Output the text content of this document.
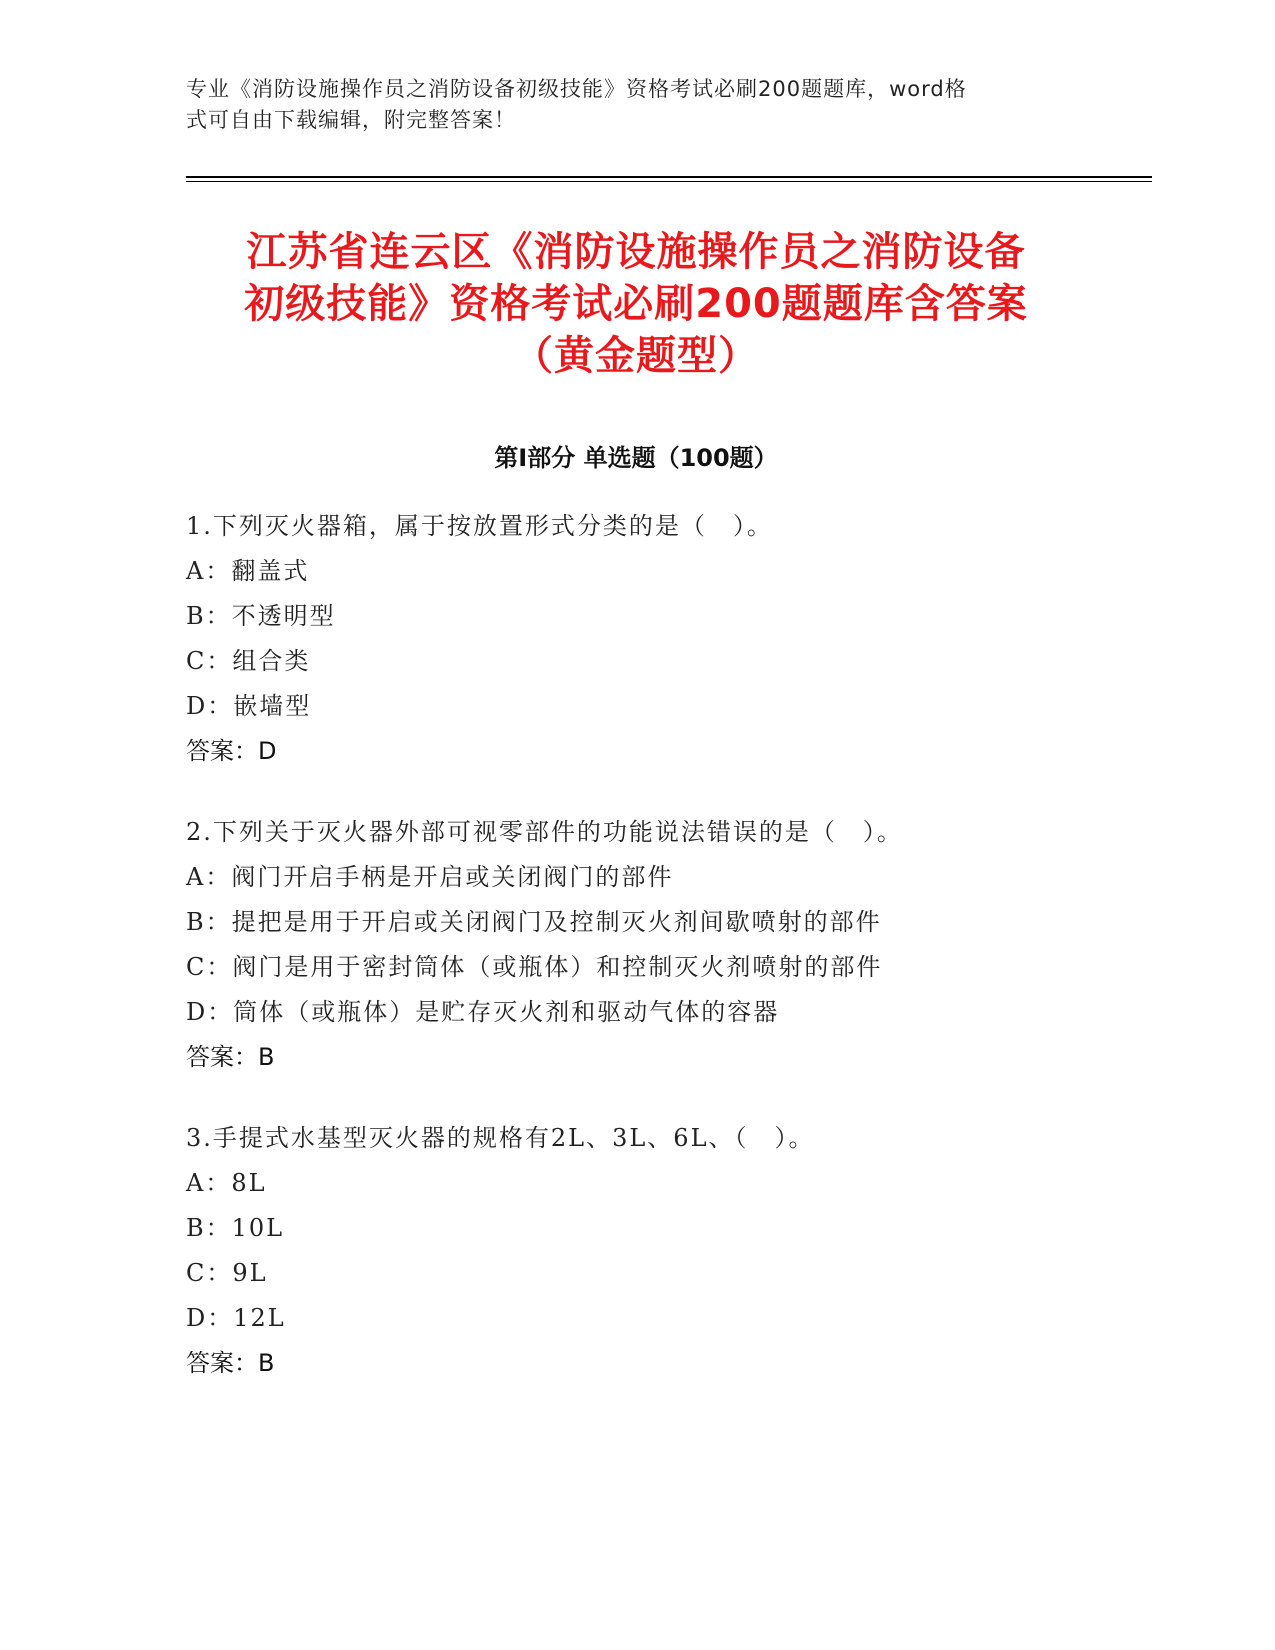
专业《消防设施操作员之消防设备初级技能》资格考试必刷200题题库，word格
式可自由下载编辑，附完整答案！
江苏省连云区《消防设施操作员之消防设备
初级技能》资格考试必刷200题题库含答案
（黄金题型）
第Ⅰ部分 单选题（100题）
1.下列灭火器箱，属于按放置形式分类的是（　）。
A：翻盖式
B：不透明型
C：组合类
D：嵌墙型
答案：D
2.下列关于灭火器外部可视零部件的功能说法错误的是（　）。
A：阀门开启手柄是开启或关闭阀门的部件
B：提把是用于开启或关闭阀门及控制灭火剂间歇喷射的部件
C：阀门是用于密封筒体（或瓶体）和控制灭火剂喷射的部件
D：筒体（或瓶体）是贮存灭火剂和驱动气体的容器
答案：B
3.手提式水基型灭火器的规格有2L、3L、6L、（　）。
A：8L
B：10L
C：9L
D：12L
答案：B
